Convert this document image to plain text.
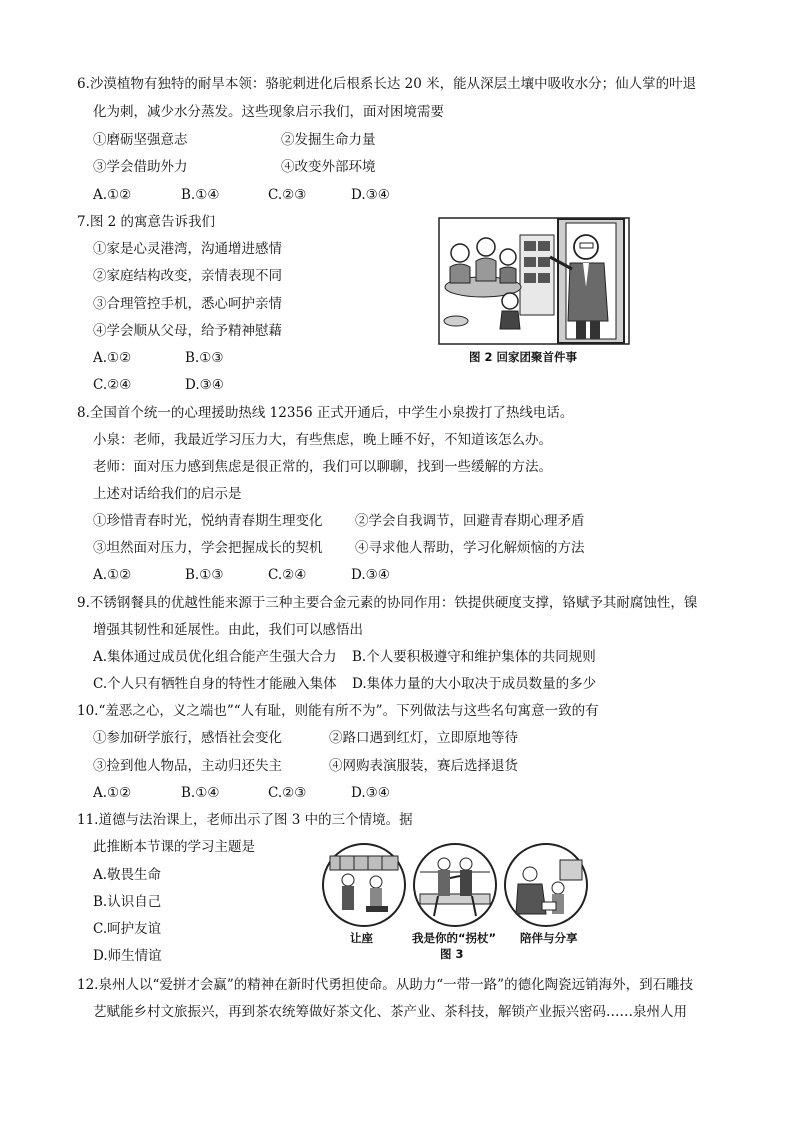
6.沙漠植物有独特的耐旱本领：骆驼刺进化后根系长达 20 米，能从深层土壤中吸收水分；仙人掌的叶退
化为刺，减少水分蒸发。这些现象启示我们，面对困境需要
①磨砺坚强意志	②发掘生命力量
③学会借助外力	④改变外部环境
A.①②	B.①④	C.②③	D.③④
7.图 2 的寓意告诉我们
①家是心灵港湾，沟通增进感情
②家庭结构改变，亲情表现不同
③合理管控手机，悉心呵护亲情
④学会顺从父母，给予精神慰藉
A.①②	B.①③
C.②④	D.③④
图 2 回家团聚首件事
8.全国首个统一的心理援助热线 12356 正式开通后，中学生小泉拨打了热线电话。
小泉：老师，我最近学习压力大，有些焦虑，晚上睡不好，不知道该怎么办。
老师：面对压力感到焦虑是很正常的，我们可以聊聊，找到一些缓解的方法。
上述对话给我们的启示是
①珍惜青春时光，悦纳青春期生理变化 ②学会自我调节，回避青春期心理矛盾
③坦然面对压力，学会把握成长的契机 ④寻求他人帮助，学习化解烦恼的方法
A.①②	B.①③	C.②④	D.③④
9.不锈钢餐具的优越性能来源于三种主要合金元素的协同作用：铁提供硬度支撑，铬赋予其耐腐蚀性，镍
增强其韧性和延展性。由此，我们可以感悟出
A.集体通过成员优化组合能产生强大合力 B.个人要积极遵守和维护集体的共同规则
C.个人只有牺牲自身的特性才能融入集体 D.集体力量的大小取决于成员数量的多少
10.“羞恶之心，义之端也”“人有耻，则能有所不为”。下列做法与这些名句寓意一致的有
①参加研学旅行，感悟社会变化	②路口遇到红灯，立即原地等待
③捡到他人物品，主动归还失主	④网购表演服装，赛后选择退货
A.①②	B.①④	C.②③	D.③④
11.道德与法治课上，老师出示了图 3 中的三个情境。据
此推断本节课的学习主题是
A.敬畏生命
B.认识自己
C.呵护友谊
D.师生情谊
让座	我是你的“拐杖” 陪伴与分享
图 3
12.泉州人以“爱拼才会赢”的精神在新时代勇担使命。从助力“一带一路”的德化陶瓷远销海外，到石雕技
艺赋能乡村文旅振兴，再到茶农统筹做好茶文化、茶产业、茶科技，解锁产业振兴密码……泉州人用
